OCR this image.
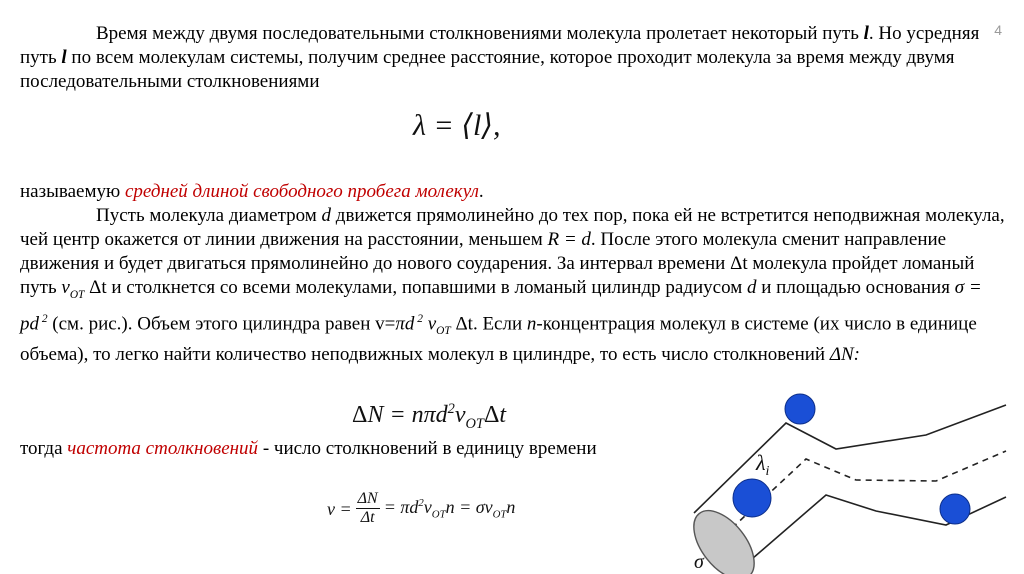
4

Время между двумя последовательными столкновениями молекула пролетает некоторый путь l. Но усредняя путь l по всем молекулам системы, получим среднее расстояние, которое проходит молекула за время между двумя последовательными столкновениями

λ = ⟨l⟩,

называемую средней длиной свободного пробега молекул.

Пусть молекула диаметром d движется прямолинейно до тех пор, пока ей не встретится неподвижная молекула, чей центр окажется от линии движения на расстоянии, меньшем R = d. После этого молекула сменит направление движения и будет двигаться прямолинейно до нового соударения. За интервал времени Δt молекула пройдет ломаный путь $v_{OT}$ Δt и столкнется со всеми молекулами, попавшими в ломаный цилиндр радиусом d и площадью основания σ = pd $^2$ (см. рис.). Объем этого цилиндра равен v=πd $^2$ $v_{OT}$ Δt. Если n-концентрация молекул в системе (их число в единице объема), то легко найти количество неподвижных молекул в цилиндре, то есть число столкновений ΔN:

$\Delta N = n\pi d^2v_{OT}\Delta t$

тогда частота столкновений - число столкновений в единицу времени

$\nu = \frac{\Delta N}{\Delta t} = \pi d^2v_{OT}n = \sigma v_{OT}n$
$\lambda_i$
σ
